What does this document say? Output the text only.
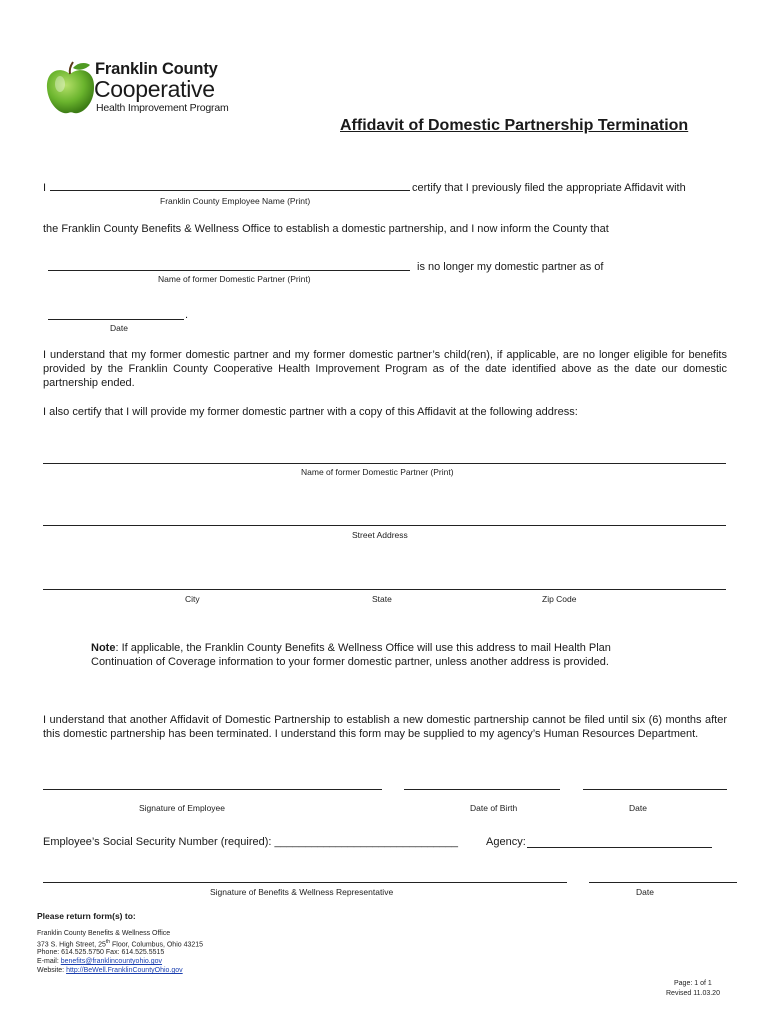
Franklin County
Cooperative
Health Improvement Program
Affidavit of Domestic Partnership Termination
I	certify that I previously filed the appropriate Affidavit with
Franklin County Employee Name (Print)
the Franklin County Benefits & Wellness Office to establish a domestic partnership, and I now inform the County that
is no longer my domestic partner as of
Name of former Domestic Partner (Print)
.
Date
I understand that my former domestic partner and my former domestic partner’s child(ren), if applicable, are no longer eligible for benefits provided by the Franklin County Cooperative Health Improvement Program as of the date identified above as the date our domestic partnership ended.
I also certify that I will provide my former domestic partner with a copy of this Affidavit at the following address:
Name of former Domestic Partner (Print)
Street Address
City	State	Zip Code
Note: If applicable, the Franklin County Benefits & Wellness Office will use this address to mail Health Plan Continuation of Coverage information to your former domestic partner, unless another address is provided.
I understand that another Affidavit of Domestic Partnership to establish a new domestic partnership cannot be filed until six (6) months after this domestic partnership has been terminated. I understand this form may be supplied to my agency’s Human Resources Department.
Signature of Employee	Date of Birth	Date
Employee’s Social Security Number (required): ______________________________	Agency:
Signature of Benefits & Wellness Representative	Date
Please return form(s) to:
Franklin County Benefits & Wellness Office
373 S. High Street, 25th Floor, Columbus, Ohio 43215
Phone: 614.525.5750 Fax: 614.525.5515
E-mail: benefits@franklincountyohio.gov
Website: http://BeWell.FranklinCountyOhio.gov
Page: 1 of 1
Revised 11.03.20
